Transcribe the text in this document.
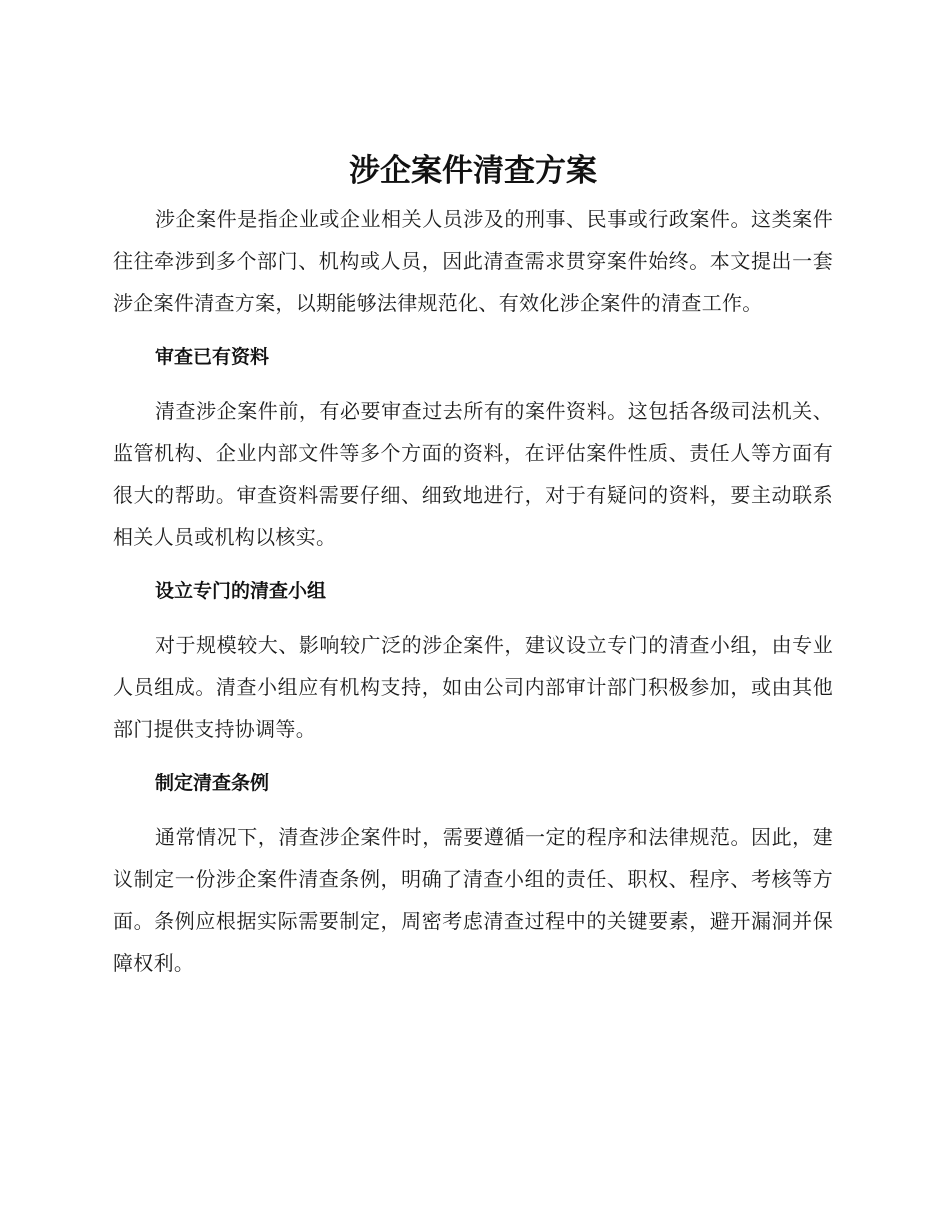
涉企案件清查方案

涉企案件是指企业或企业相关人员涉及的刑事、民事或行政案件。这类案件往往牵涉到多个部门、机构或人员，因此清查需求贯穿案件始终。本文提出一套涉企案件清查方案，以期能够法律规范化、有效化涉企案件的清查工作。

审查已有资料

清查涉企案件前，有必要审查过去所有的案件资料。这包括各级司法机关、监管机构、企业内部文件等多个方面的资料，在评估案件性质、责任人等方面有很大的帮助。审查资料需要仔细、细致地进行，对于有疑问的资料，要主动联系相关人员或机构以核实。

设立专门的清查小组

对于规模较大、影响较广泛的涉企案件，建议设立专门的清查小组，由专业人员组成。清查小组应有机构支持，如由公司内部审计部门积极参加，或由其他部门提供支持协调等。

制定清查条例

通常情况下，清查涉企案件时，需要遵循一定的程序和法律规范。因此，建议制定一份涉企案件清查条例，明确了清查小组的责任、职权、程序、考核等方面。条例应根据实际需要制定，周密考虑清查过程中的关键要素，避开漏洞并保障权利。
